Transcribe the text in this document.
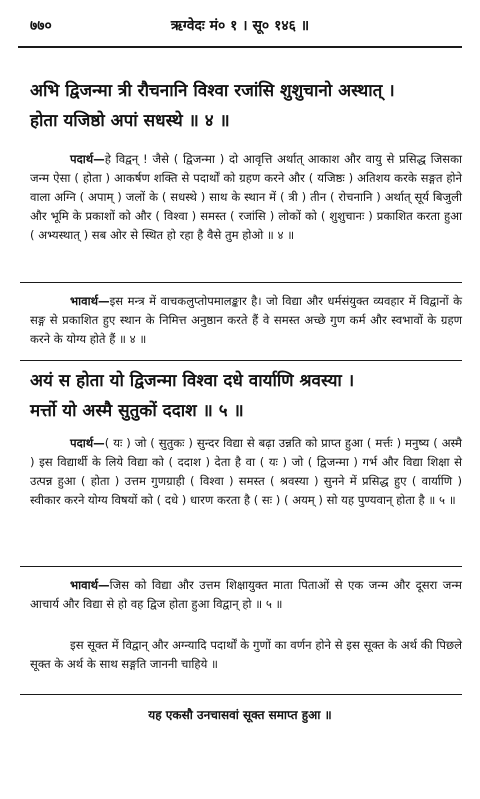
७७०	ऋग्वेदः मं० १ । सू० १४६ ॥
अभि द्विजन्मा त्री रौचनानि विश्वा रजांसि शुशुचानो अस्थात् ।
होता यजिष्ठो अपां सधस्थे ॥ ४ ॥
पदार्थ—हे विद्वन् ! जैसे ( द्विजन्मा ) दो आवृत्ति अर्थात् आकाश और वायु से प्रसिद्ध जिसका जन्म ऐसा ( होता ) आकर्षण शक्ति से पदार्थों को ग्रहण करने और ( यजिष्ठः ) अतिशय करके सङ्गत होने वाला अग्नि ( अपाम् ) जलों के ( सधस्थे ) साथ के स्थान में ( त्री ) तीन ( रोचनानि ) अर्थात् सूर्य बिजुली और भूमि के प्रकाशों को और ( विश्वा ) समस्त ( रजांसि ) लोकों को ( शुशुचानः ) प्रकाशित करता हुआ ( अभ्यस्थात् ) सब ओर से स्थित हो रहा है वैसे तुम होओ ॥ ४ ॥
भावार्थ—इस मन्त्र में वाचकलुप्तोपमालङ्कार है। जो विद्या और धर्मसंयुक्त व्यवहार में विद्वानों के सङ्ग से प्रकाशित हुए स्थान के निमित्त अनुष्ठान करते हैं वे समस्त अच्छे गुण कर्म और स्वभावों के ग्रहण करने के योग्य होते हैं ॥ ४ ॥
अयं स होता यो द्विजन्मा विश्वा दधे वार्याणि श्रवस्या ।
मर्त्तो यो अस्मै सुतुकों ददाश ॥ ५ ॥
पदार्थ—( यः ) जो ( सुतुकः ) सुन्दर विद्या से बढ़ा उन्नति को प्राप्त हुआ ( मर्त्तः ) मनुष्य ( अस्मै ) इस विद्यार्थी के लिये विद्या को ( ददाश ) देता है वा ( यः ) जो ( द्विजन्मा ) गर्भ और विद्या शिक्षा से उत्पन्न हुआ ( होता ) उत्तम गुणग्राही ( विश्वा ) समस्त ( श्रवस्या ) सुनने में प्रसिद्ध हुए ( वार्याणि ) स्वीकार करने योग्य विषयों को ( दधे ) धारण करता है ( सः ) ( अयम् ) सो यह पुण्यवान् होता है ॥ ५ ॥
भावार्थ—जिस को विद्या और उत्तम शिक्षायुक्त माता पिताओं से एक जन्म और दूसरा जन्म आचार्य और विद्या से हो वह द्विज होता हुआ विद्वान् हो ॥ ५ ॥
इस सूक्त में विद्वान् और अग्न्यादि पदार्थों के गुणों का वर्णन होने से इस सूक्त के अर्थ की पिछले सूक्त के अर्थ के साथ सङ्गति जाननी चाहिये ॥
यह एकसौ उनचासवां सूक्त समाप्त हुआ ॥
